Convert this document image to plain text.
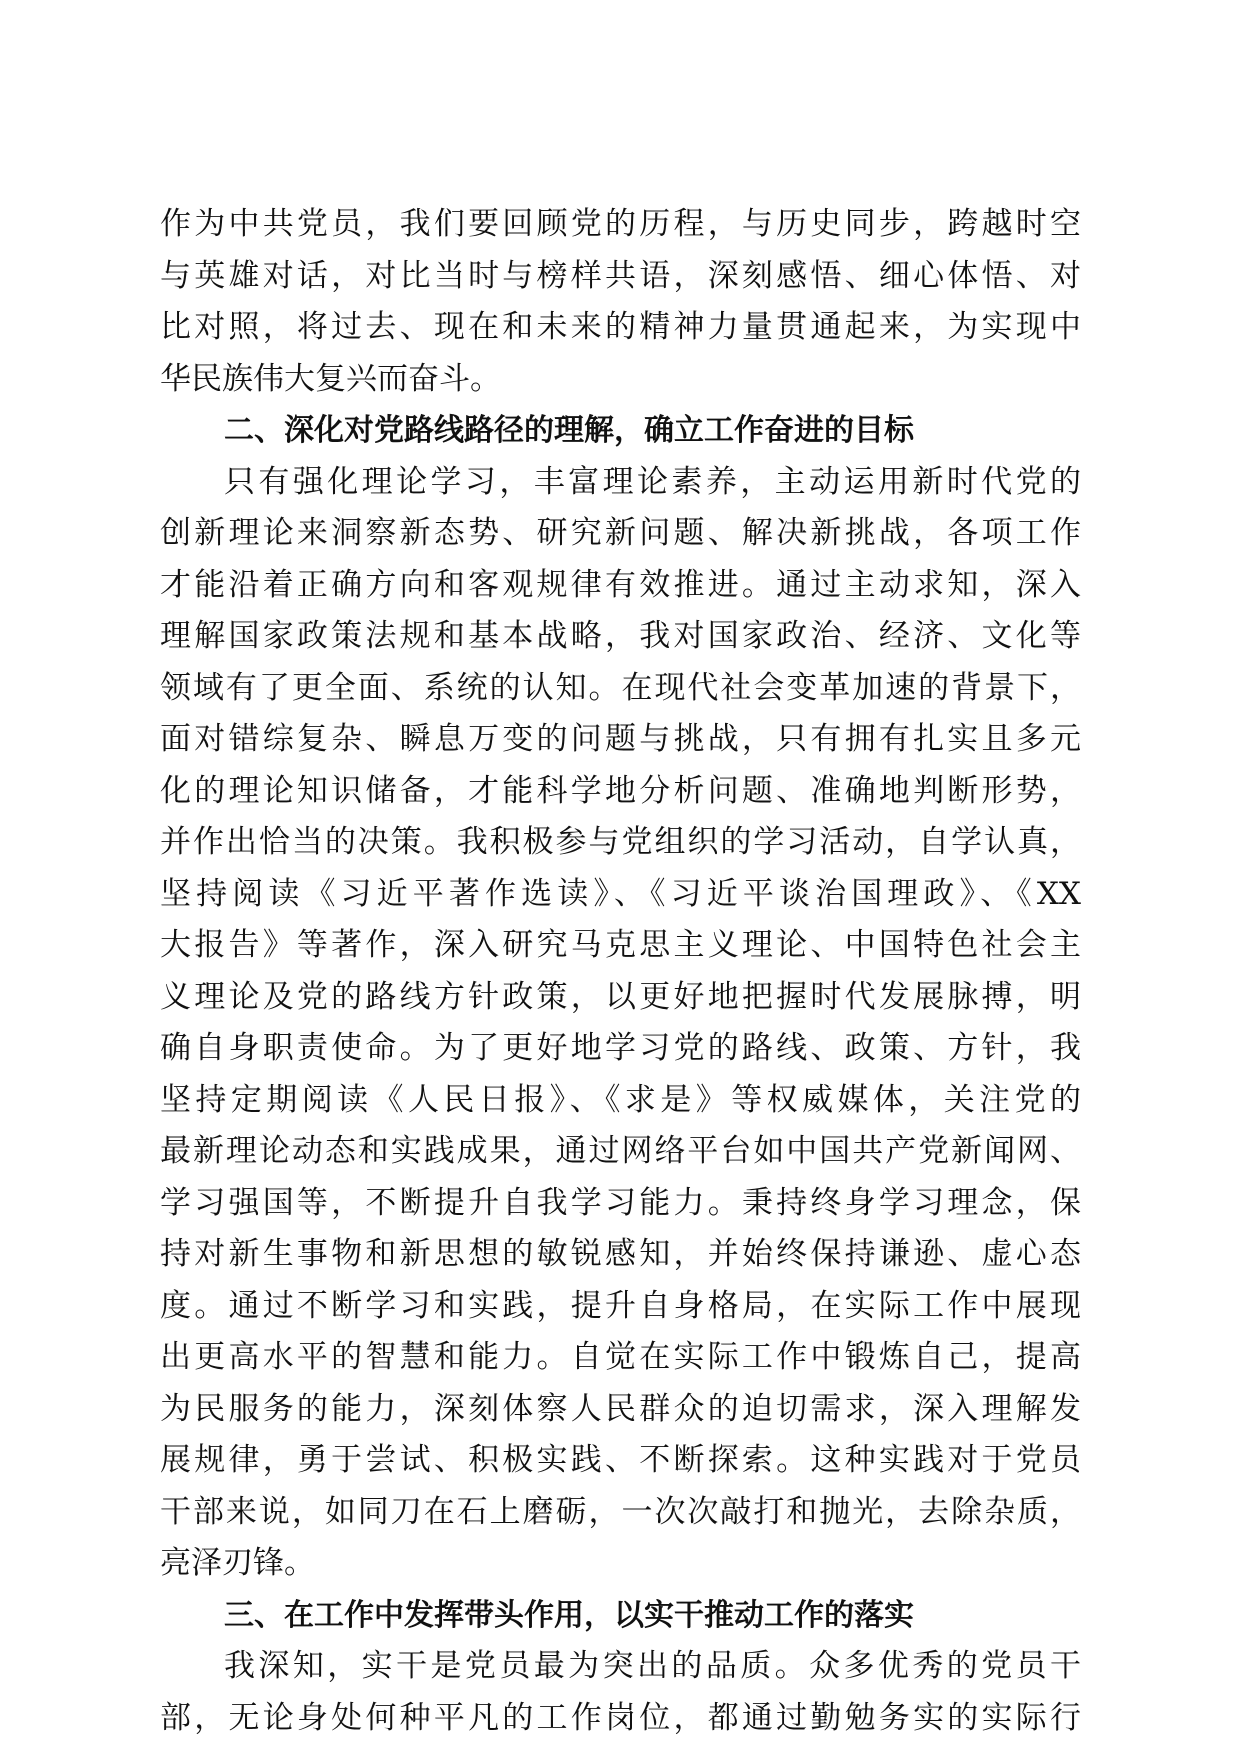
作为中共党员，我们要回顾党的历程，与历史同步，跨越时空
与英雄对话，对比当时与榜样共语，深刻感悟、细心体悟、对
比对照，将过去、现在和未来的精神力量贯通起来，为实现中
华民族伟大复兴而奋斗。
二、深化对党路线路径的理解，确立工作奋进的目标
只有强化理论学习，丰富理论素养，主动运用新时代党的
创新理论来洞察新态势、研究新问题、解决新挑战，各项工作
才能沿着正确方向和客观规律有效推进。通过主动求知，深入
理解国家政策法规和基本战略，我对国家政治、经济、文化等
领域有了更全面、系统的认知。在现代社会变革加速的背景下，
面对错综复杂、瞬息万变的问题与挑战，只有拥有扎实且多元
化的理论知识储备，才能科学地分析问题、准确地判断形势，
并作出恰当的决策。我积极参与党组织的学习活动，自学认真，
坚持阅读《习近平著作选读》、《习近平谈治国理政》、《XX
大报告》等著作，深入研究马克思主义理论、中国特色社会主
义理论及党的路线方针政策，以更好地把握时代发展脉搏，明
确自身职责使命。为了更好地学习党的路线、政策、方针，我
坚持定期阅读《人民日报》、《求是》等权威媒体，关注党的
最新理论动态和实践成果，通过网络平台如中国共产党新闻网、
学习强国等，不断提升自我学习能力。秉持终身学习理念，保
持对新生事物和新思想的敏锐感知，并始终保持谦逊、虚心态
度。通过不断学习和实践，提升自身格局，在实际工作中展现
出更高水平的智慧和能力。自觉在实际工作中锻炼自己，提高
为民服务的能力，深刻体察人民群众的迫切需求，深入理解发
展规律，勇于尝试、积极实践、不断探索。这种实践对于党员
干部来说，如同刀在石上磨砺，一次次敲打和抛光，去除杂质，
亮泽刃锋。
三、在工作中发挥带头作用，以实干推动工作的落实
我深知，实干是党员最为突出的品质。众多优秀的党员干
部，无论身处何种平凡的工作岗位，都通过勤勉务实的实际行
